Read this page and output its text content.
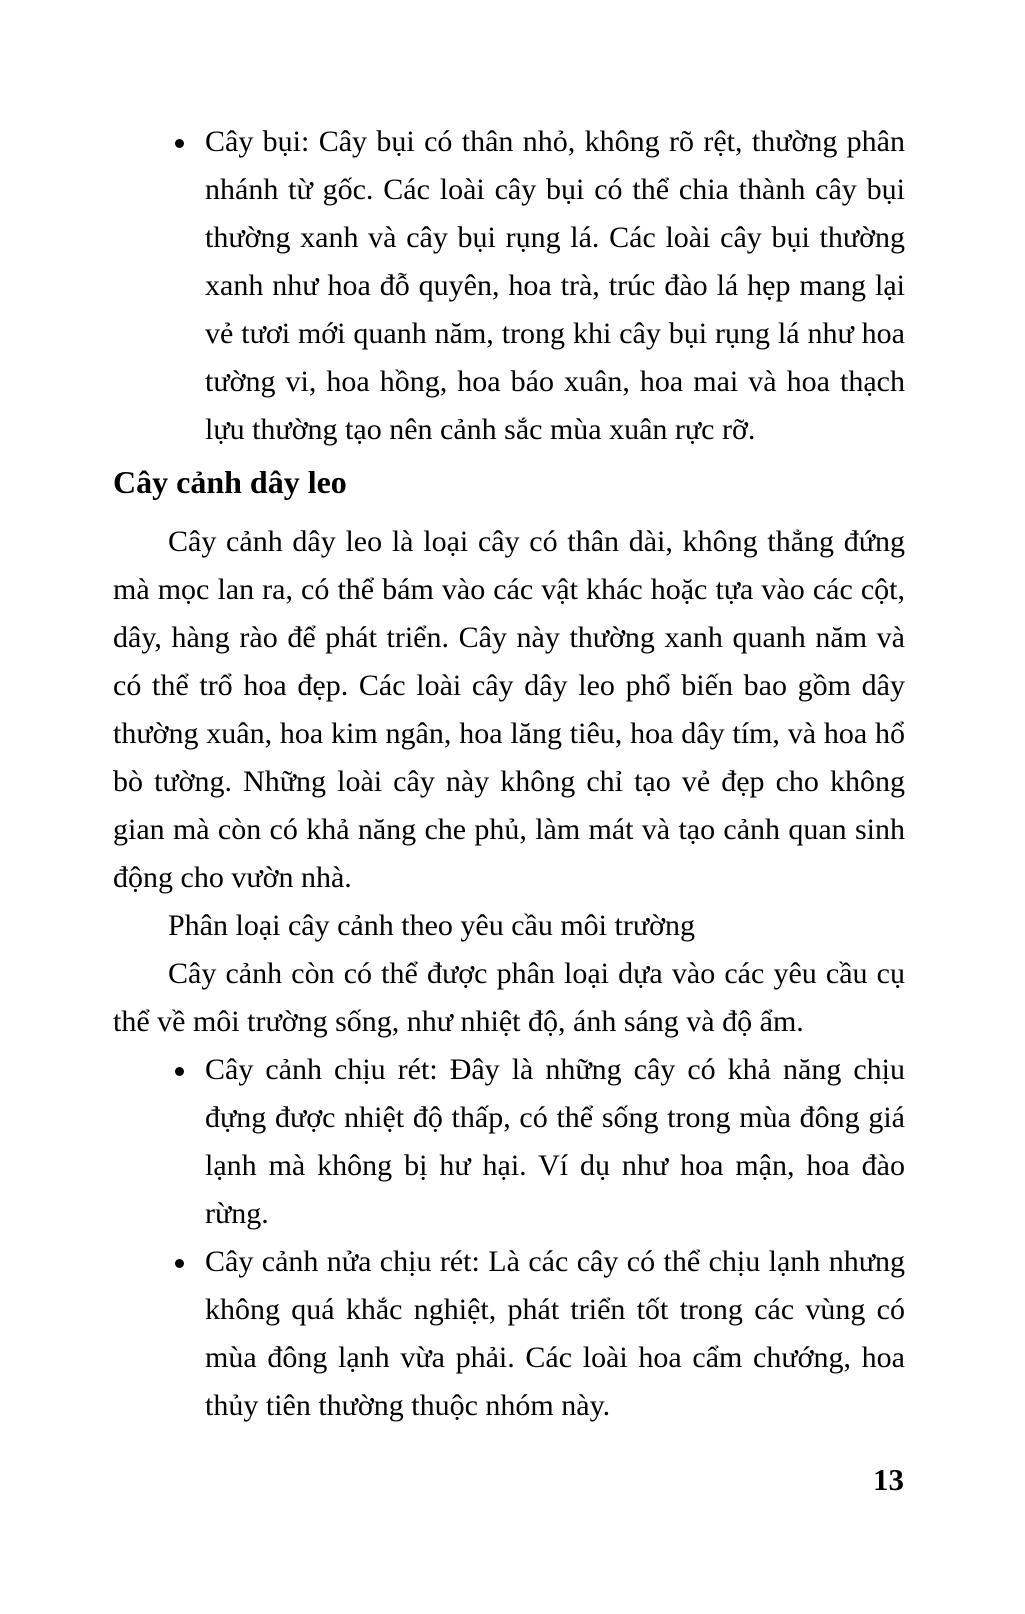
Cây bụi: Cây bụi có thân nhỏ, không rõ rệt, thường phân nhánh từ gốc. Các loài cây bụi có thể chia thành cây bụi thường xanh và cây bụi rụng lá. Các loài cây bụi thường xanh như hoa đỗ quyên, hoa trà, trúc đào lá hẹp mang lại vẻ tươi mới quanh năm, trong khi cây bụi rụng lá như hoa tường vi, hoa hồng, hoa báo xuân, hoa mai và hoa thạch lựu thường tạo nên cảnh sắc mùa xuân rực rỡ.
Cây cảnh dây leo

Cây cảnh dây leo là loại cây có thân dài, không thẳng đứng mà mọc lan ra, có thể bám vào các vật khác hoặc tựa vào các cột, dây, hàng rào để phát triển. Cây này thường xanh quanh năm và có thể trổ hoa đẹp. Các loài cây dây leo phổ biến bao gồm dây thường xuân, hoa kim ngân, hoa lăng tiêu, hoa dây tím, và hoa hổ bò tường. Những loài cây này không chỉ tạo vẻ đẹp cho không gian mà còn có khả năng che phủ, làm mát và tạo cảnh quan sinh động cho vườn nhà.

Phân loại cây cảnh theo yêu cầu môi trường

Cây cảnh còn có thể được phân loại dựa vào các yêu cầu cụ thể về môi trường sống, như nhiệt độ, ánh sáng và độ ẩm.

Cây cảnh chịu rét: Đây là những cây có khả năng chịu đựng được nhiệt độ thấp, có thể sống trong mùa đông giá lạnh mà không bị hư hại. Ví dụ như hoa mận, hoa đào rừng.
Cây cảnh nửa chịu rét: Là các cây có thể chịu lạnh nhưng không quá khắc nghiệt, phát triển tốt trong các vùng có mùa đông lạnh vừa phải. Các loài hoa cẩm chướng, hoa thủy tiên thường thuộc nhóm này.
13
